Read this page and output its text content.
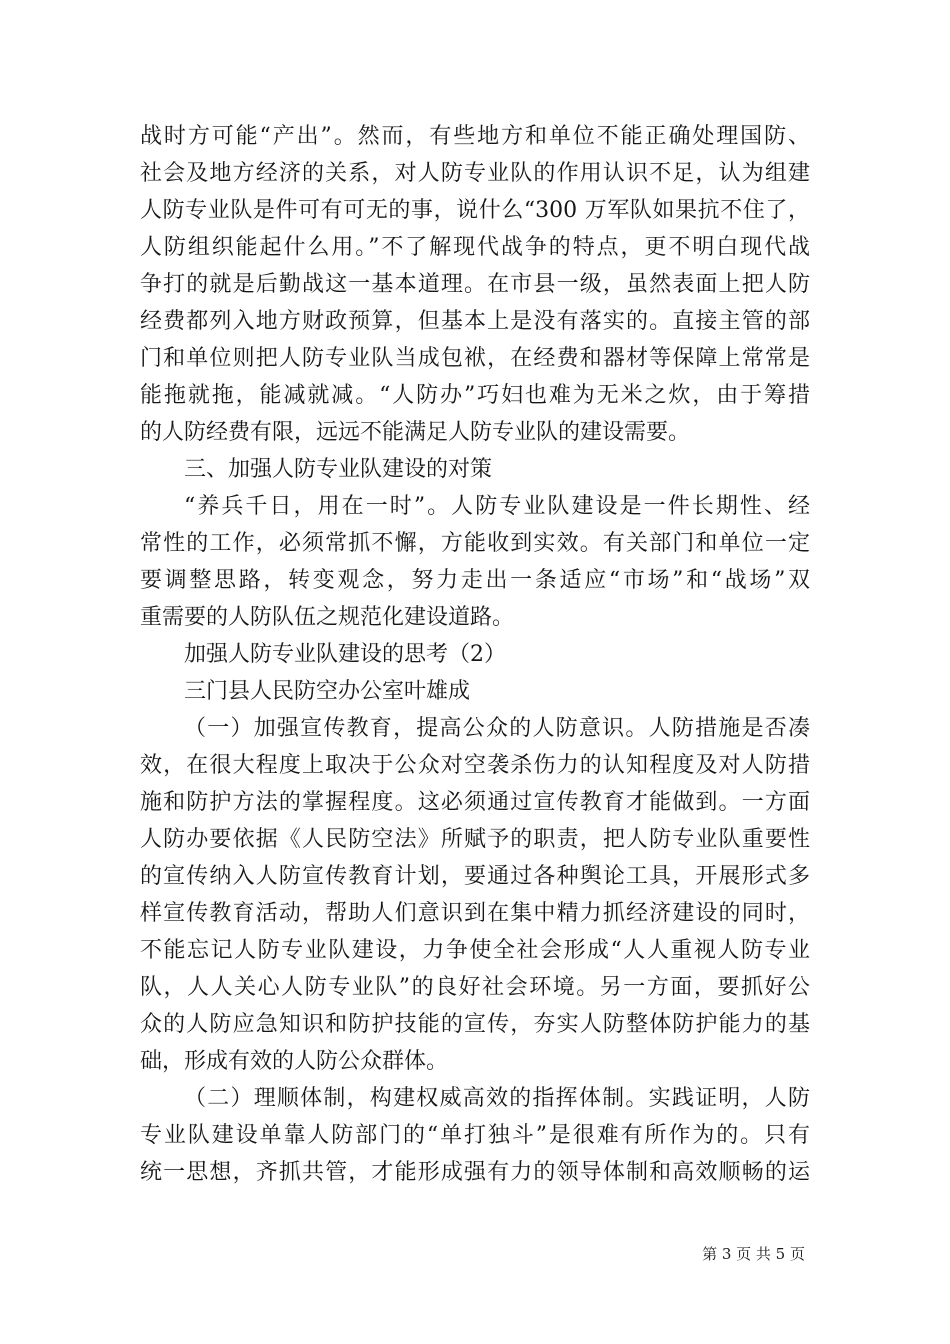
战时方可能“产出”。然而，有些地方和单位不能正确处理国防、
社会及地方经济的关系，对人防专业队的作用认识不足，认为组建
人防专业队是件可有可无的事，说什么“300 万军队如果抗不住了，
人防组织能起什么用。”不了解现代战争的特点，更不明白现代战
争打的就是后勤战这一基本道理。在市县一级，虽然表面上把人防
经费都列入地方财政预算，但基本上是没有落实的。直接主管的部
门和单位则把人防专业队当成包袱，在经费和器材等保障上常常是
能拖就拖，能减就减。“人防办”巧妇也难为无米之炊，由于筹措
的人防经费有限，远远不能满足人防专业队的建设需要。
三、加强人防专业队建设的对策
“养兵千日，用在一时”。人防专业队建设是一件长期性、经
常性的工作，必须常抓不懈，方能收到实效。有关部门和单位一定
要调整思路，转变观念，努力走出一条适应“市场”和“战场”双
重需要的人防队伍之规范化建设道路。
加强人防专业队建设的思考（2）
三门县人民防空办公室叶雄成
（一）加强宣传教育，提高公众的人防意识。人防措施是否凑
效，在很大程度上取决于公众对空袭杀伤力的认知程度及对人防措
施和防护方法的掌握程度。这必须通过宣传教育才能做到。一方面
人防办要依据《人民防空法》所赋予的职责，把人防专业队重要性
的宣传纳入人防宣传教育计划，要通过各种舆论工具，开展形式多
样宣传教育活动，帮助人们意识到在集中精力抓经济建设的同时，
不能忘记人防专业队建设，力争使全社会形成“人人重视人防专业
队，人人关心人防专业队”的良好社会环境。另一方面，要抓好公
众的人防应急知识和防护技能的宣传，夯实人防整体防护能力的基
础，形成有效的人防公众群体。
（二）理顺体制，构建权威高效的指挥体制。实践证明，人防
专业队建设单靠人防部门的“单打独斗”是很难有所作为的。只有
统一思想，齐抓共管，才能形成强有力的领导体制和高效顺畅的运
第 3 页 共 5 页
